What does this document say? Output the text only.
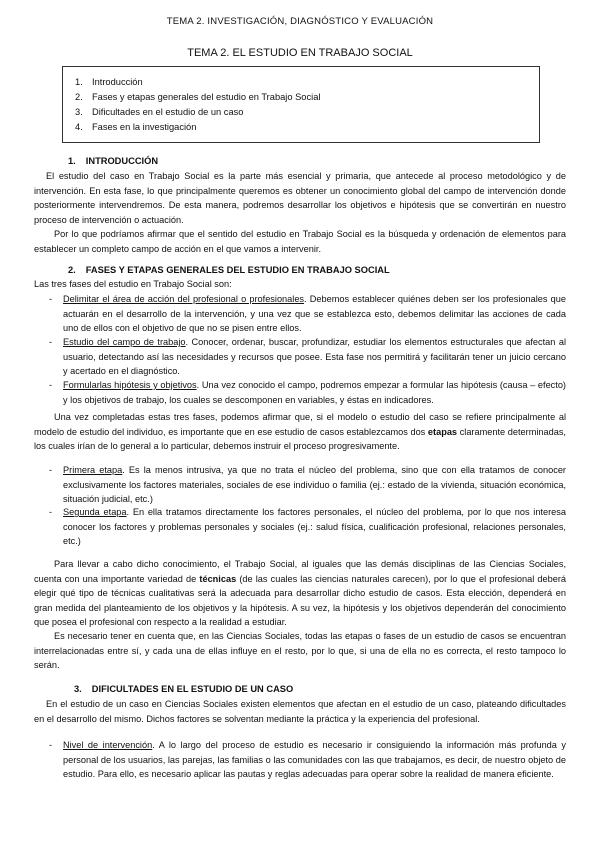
TEMA 2. INVESTIGACIÓN, DIAGNÓSTICO Y EVALUACIÓN
TEMA 2. EL ESTUDIO EN TRABAJO SOCIAL
1. Introducción
2. Fases y etapas generales del estudio en Trabajo Social
3. Dificultades en el estudio de un caso
4. Fases en la investigación
1. INTRODUCCIÓN

El estudio del caso en Trabajo Social es la parte más esencial y primaria, que antecede al proceso metodológico y de intervención. En esta fase, lo que principalmente queremos es obtener un conocimiento global del campo de intervención donde posteriormente intervendremos. De esta manera, podremos desarrollar los objetivos e hipótesis que se convertirán en nuestro proceso de intervención o actuación.

Por lo que podríamos afirmar que el sentido del estudio en Trabajo Social es la búsqueda y ordenación de elementos para establecer un completo campo de acción en el que vamos a intervenir.

2. FASES Y ETAPAS GENERALES DEL ESTUDIO EN TRABAJO SOCIAL

Las tres fases del estudio en Trabajo Social son:

- Delimitar el área de acción del profesional o profesionales. Debemos establecer quiénes deben ser los profesionales que actuarán en el desarrollo de la intervención, y una vez que se establezca esto, debemos delimitar las acciones de cada uno de ellos con el objetivo de que no se pisen entre ellos.
- Estudio del campo de trabajo. Conocer, ordenar, buscar, profundizar, estudiar los elementos estructurales que afectan al usuario, detectando así las necesidades y recursos que posee. Esta fase nos permitirá y facilitarán tener un juicio cercano y acertado en el diagnóstico.
- Formularlas hipótesis y objetivos. Una vez conocido el campo, podremos empezar a formular las hipótesis (causa – efecto) y los objetivos de trabajo, los cuales se descomponen en variables, y éstas en indicadores.

Una vez completadas estas tres fases, podemos afirmar que, si el modelo o estudio del caso se refiere principalmente al modelo de estudio del individuo, es importante que en ese estudio de casos establezcamos dos etapas claramente determinadas, los cuales irían de lo general a lo particular, debemos instruir el proceso progresivamente.

- Primera etapa. Es la menos intrusiva, ya que no trata el núcleo del problema, sino que con ella tratamos de conocer exclusivamente los factores materiales, sociales de ese individuo o familia (ej.: estado de la vivienda, situación económica, situación judicial, etc.)
- Segunda etapa. En ella tratamos directamente los factores personales, el núcleo del problema, por lo que nos interesa conocer los factores y problemas personales y sociales (ej.: salud física, cualificación profesional, relaciones personales, etc.)

Para llevar a cabo dicho conocimiento, el Trabajo Social, al iguales que las demás disciplinas de las Ciencias Sociales, cuenta con una importante variedad de técnicas (de las cuales las ciencias naturales carecen), por lo que el profesional deberá elegir qué tipo de técnicas cualitativas será la adecuada para desarrollar dicho estudio de casos. Esta elección, dependerá en gran medida del planteamiento de los objetivos y la hipótesis. A su vez, la hipótesis y los objetivos dependerán del conocimiento que posea el profesional con respecto a la realidad a estudiar.

Es necesario tener en cuenta que, en las Ciencias Sociales, todas las etapas o fases de un estudio de casos se encuentran interrelacionadas entre sí, y cada una de ellas influye en el resto, por lo que, si una de ella no es correcta, el resto tampoco lo serán.

3. DIFICULTADES EN EL ESTUDIO DE UN CASO

En el estudio de un caso en Ciencias Sociales existen elementos que afectan en el estudio de un caso, plateando dificultades en el desarrollo del mismo. Dichos factores se solventan mediante la práctica y la experiencia del profesional.

- Nivel de intervención. A lo largo del proceso de estudio es necesario ir consiguiendo la información más profunda y personal de los usuarios, las parejas, las familias o las comunidades con las que trabajamos, es decir, de nuestro objeto de estudio. Para ello, es necesario aplicar las pautas y reglas adecuadas para operar sobre la realidad de manera eficiente.
